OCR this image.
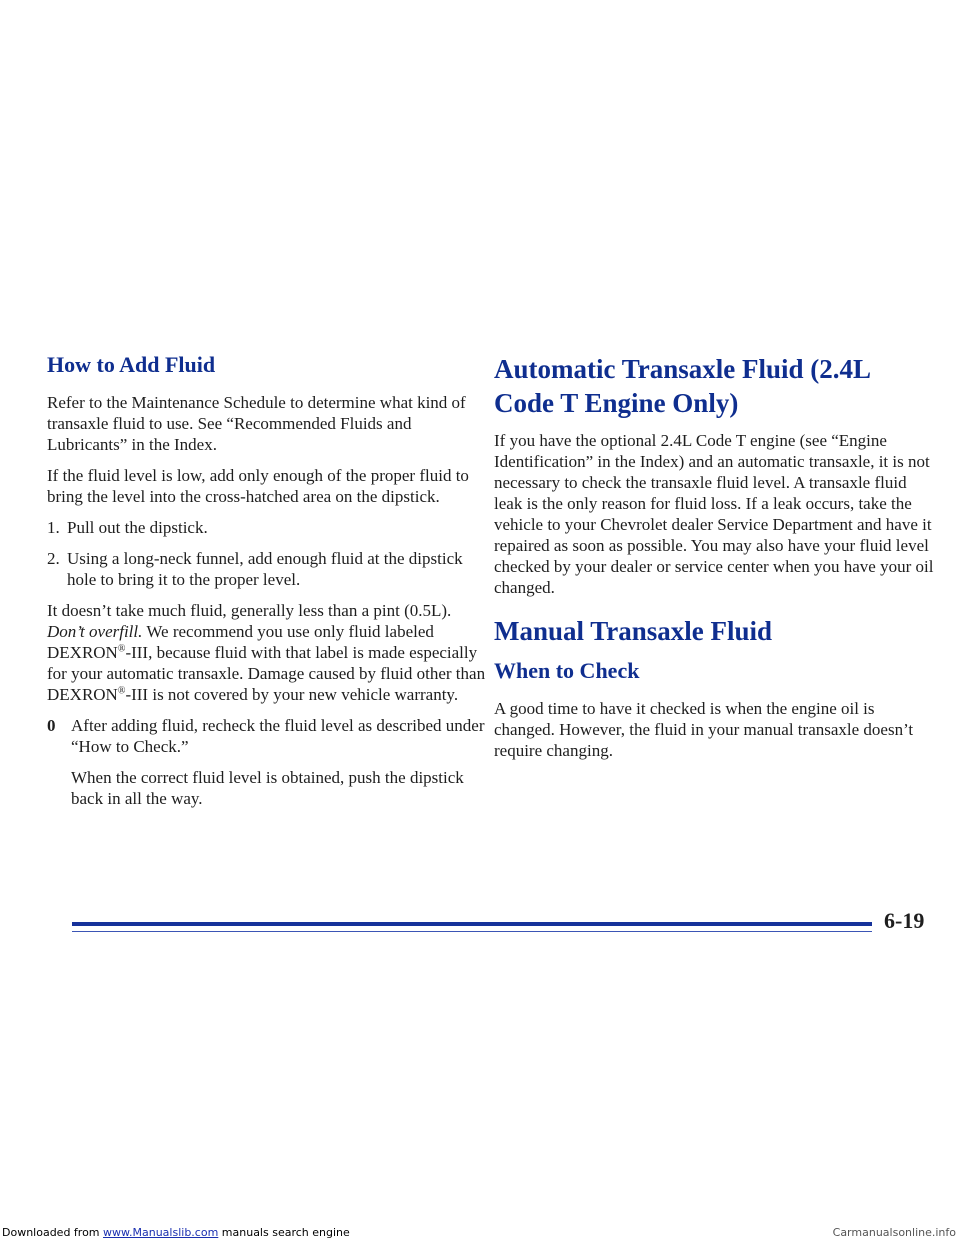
How to Add Fluid

Refer to the Maintenance Schedule to determine what kind of transaxle fluid to use. See “Recommended Fluids and Lubricants” in the Index.

If the fluid level is low, add only enough of the proper fluid to bring the level into the cross-hatched area on the dipstick.

1. Pull out the dipstick.
2. Using a long-neck funnel, add enough fluid at the dipstick hole to bring it to the proper level.

It doesn’t take much fluid, generally less than a pint (0.5L). Don’t overfill. We recommend you use only fluid labeled DEXRON®-III, because fluid with that label is made especially for your automatic transaxle. Damage caused by fluid other than DEXRON®-III is not covered by your new vehicle warranty.

0 After adding fluid, recheck the fluid level as described under “How to Check.”
When the correct fluid level is obtained, push the dipstick back in all the way.
Automatic Transaxle Fluid (2.4L Code T Engine Only)

If you have the optional 2.4L Code T engine (see “Engine Identification” in the Index) and an automatic transaxle, it is not necessary to check the transaxle fluid level. A transaxle fluid leak is the only reason for fluid loss. If a leak occurs, take the vehicle to your Chevrolet dealer Service Department and have it repaired as soon as possible. You may also have your fluid level checked by your dealer or service center when you have your oil changed.

Manual Transaxle Fluid
When to Check

A good time to have it checked is when the engine oil is changed. However, the fluid in your manual transaxle doesn’t require changing.

6-19
Downloaded from www.Manualslib.com manuals search engine	Carmanualsonline.info
